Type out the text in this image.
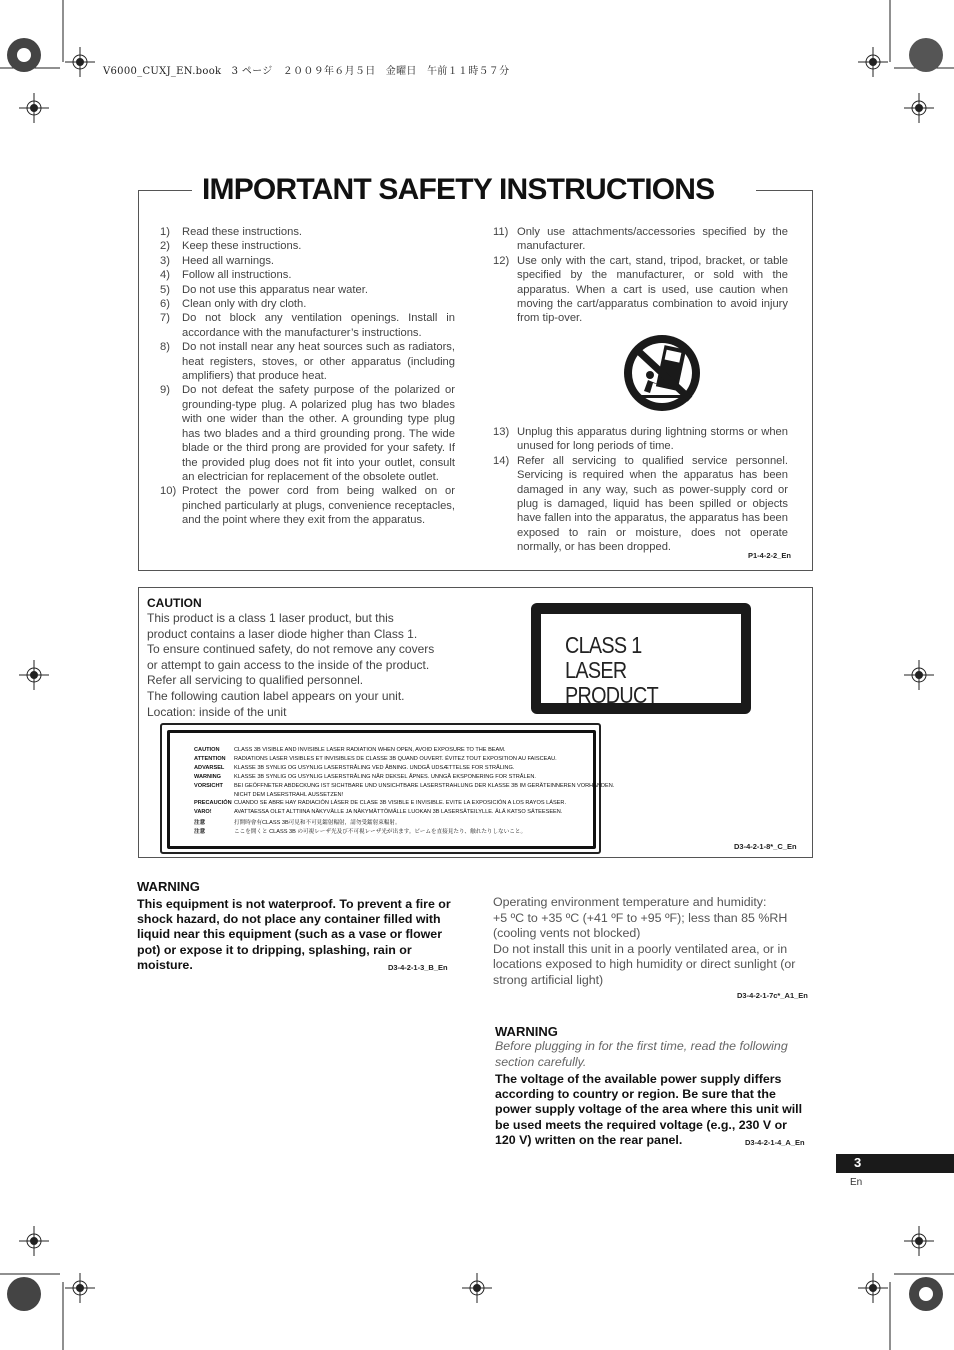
V6000_CUXJ_EN.book　3 ページ　２００９年６月５日　金曜日　午前１１時５７分
IMPORTANT SAFETY INSTRUCTIONS
1)	Read these instructions.
2)	Keep these instructions.
3)	Heed all warnings.
4)	Follow all instructions.
5)	Do not use this apparatus near water.
6)	Clean only with dry cloth.
7)	Do not block any ventilation openings. Install in accordance with the manufacturer’s instructions.
8)	Do not install near any heat sources such as radiators, heat registers, stoves, or other apparatus (including amplifiers) that produce heat.
9)	Do not defeat the safety purpose of the polarized or grounding-type plug. A polarized plug has two blades with one wider than the other. A grounding type plug has two blades and a third grounding prong. The wide blade or the third prong are provided for your safety. If the provided plug does not fit into your outlet, consult an electrician for replacement of the obsolete outlet.
10) Protect the power cord from being walked on or pinched particularly at plugs, convenience receptacles, and the point where they exit from the apparatus.
11) Only use attachments/accessories specified by the manufacturer.
12) Use only with the cart, stand, tripod, bracket, or table specified by the manufacturer, or sold with the apparatus. When a cart is used, use caution when moving the cart/apparatus combination to avoid injury from tip-over.
13) Unplug this apparatus during lightning storms or when unused for long periods of time.
14) Refer all servicing to qualified service personnel. Servicing is required when the apparatus has been damaged in any way, such as power-supply cord or plug is damaged, liquid has been spilled or objects have fallen into the apparatus, the apparatus has been exposed to rain or moisture, does not operate normally, or has been dropped.
P1-4-2-2_En
CAUTION
This product is a class 1 laser product, but this
product contains a laser diode higher than Class 1.
To ensure continued safety, do not remove any covers
or attempt to gain access to the inside of the product.
Refer all servicing to qualified personnel.
The following caution label appears on your unit.
Location: inside of the unit
CLASS 1
LASER PRODUCT
CAUTION	CLASS 3B VISIBLE AND INVISIBLE LASER RADIATION WHEN OPEN, AVOID EXPOSURE TO THE BEAM.
ATTENTION RADIATIONS LASER VISIBLES ET INVISIBLES DE CLASSE 3B QUAND OUVERT. ÉVITEZ TOUT EXPOSITION AU FAISCEAU.
ADVARSEL KLASSE 3B SYNLIG OG USYNLIG LASERSTRÅLING VED ÅBNING. UNDGÅ UDSÆTTELSE FOR STRÅLING.
WARNING KLASSE 3B SYNLIG OG USYNLIG LASERSTRÅLING NÅR DEKSEL ÅPNES. UNNGÅ EKSPONERING FOR STRÅLEN.
VORSICHT BEI GEÖFFNETER ABDECKUNG IST SICHTBARE UND UNSICHTBARE LASERSTRAHLUNG DER KLASSE 3B IM GERÄTEINNEREN VORHANDEN.
NICHT DEM LASERSTRAHL AUSSETZEN!
PRECAUCIÓN CUANDO SE ABRE HAY RADIACIÓN LÁSER DE CLASE 3B VISIBLE E INVISIBLE. EVITE LA EXPOSICIÓN A LOS RAYOS LÁSER.
VARO!	AVATTAESSA OLET ALTTIINA NÄKYVÄLLE JA NÄKYMÄTTÖMÄLLE LUOKAN 3B LASERSÄTEILYLLE. ÄLÄ KATSO SÄTEESEEN.
注意	打開時會有CLASS 3B可見和不可見鐳射輻射，請勿受鐳射束輻射。
注意	ここを開くと CLASS 3B の可視レーザ光及び不可視レーザ光が出ます。ビームを直接見たり、触れたりしないこと。
D3-4-2-1-8*_C_En
WARNING
This equipment is not waterproof. To prevent a fire or shock hazard, do not place any container filled with liquid near this equipment (such as a vase or flower pot) or expose it to dripping, splashing, rain or moisture.	D3-4-2-1-3_B_En
Operating environment temperature and humidity:
+5 ºC to +35 ºC (+41 ºF to +95 ºF); less than 85 %RH
(cooling vents not blocked)
Do not install this unit in a poorly ventilated area, or in
locations exposed to high humidity or direct sunlight (or
strong artificial light)
D3-4-2-1-7c*_A1_En
WARNING
Before plugging in for the first time, read the following section carefully.
The voltage of the available power supply differs according to country or region. Be sure that the power supply voltage of the area where this unit will be used meets the required voltage (e.g., 230 V or 120 V) written on the rear panel.	D3-4-2-1-4_A_En
3
En
